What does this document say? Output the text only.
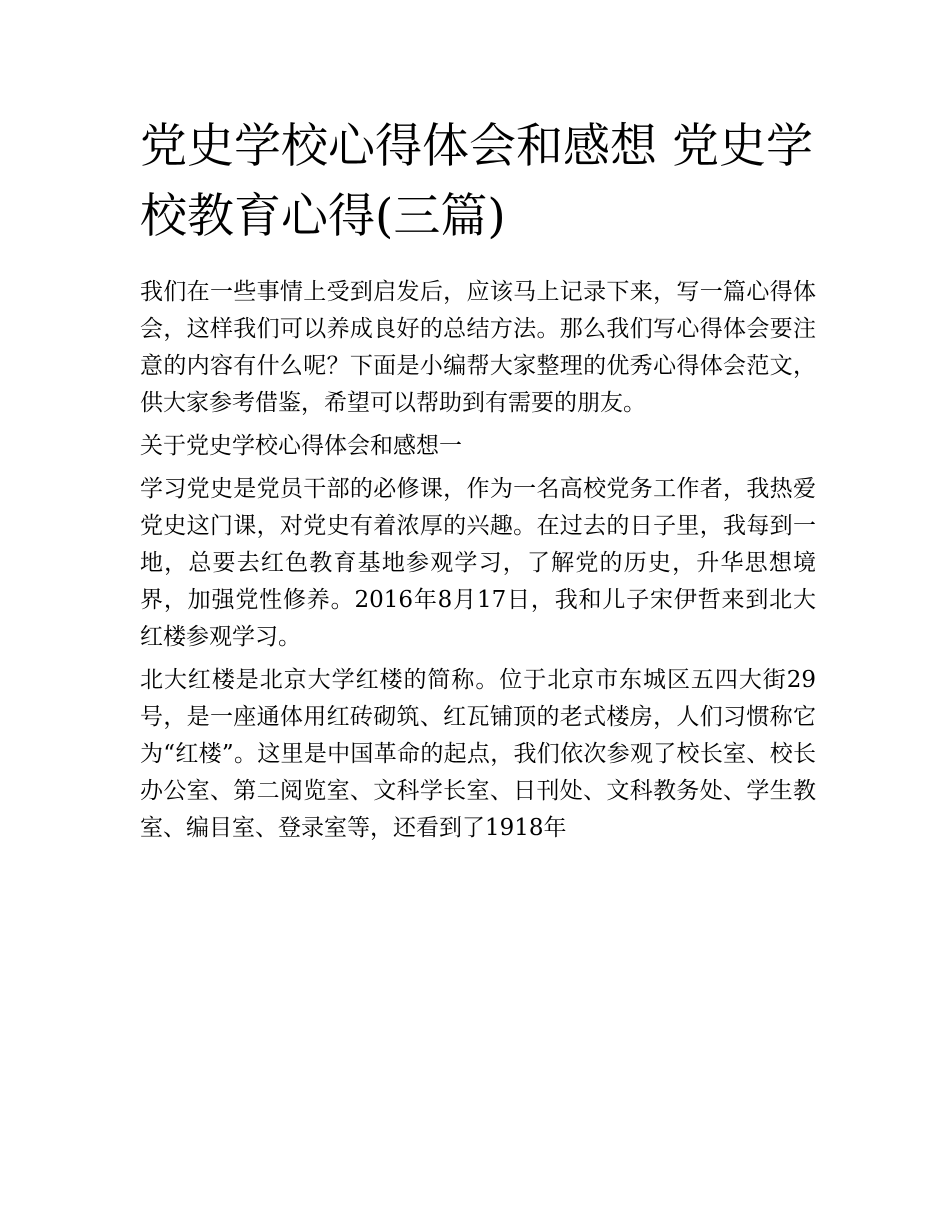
党史学校心得体会和感想 党史学校教育心得(三篇)

我们在一些事情上受到启发后，应该马上记录下来，写一篇心得体会，这样我们可以养成良好的总结方法。那么我们写心得体会要注意的内容有什么呢？下面是小编帮大家整理的优秀心得体会范文，供大家参考借鉴，希望可以帮助到有需要的朋友。

关于党史学校心得体会和感想一

学习党史是党员干部的必修课，作为一名高校党务工作者，我热爱党史这门课，对党史有着浓厚的兴趣。在过去的日子里，我每到一地，总要去红色教育基地参观学习，了解党的历史，升华思想境界，加强党性修养。2016年8月17日，我和儿子宋伊哲来到北大红楼参观学习。

北大红楼是北京大学红楼的简称。位于北京市东城区五四大街29号，是一座通体用红砖砌筑、红瓦铺顶的老式楼房，人们习惯称它为“红楼”。这里是中国革命的起点，我们依次参观了校长室、校长办公室、第二阅览室、文科学长室、日刊处、文科教务处、学生教室、编目室、登录室等，还看到了1918年
